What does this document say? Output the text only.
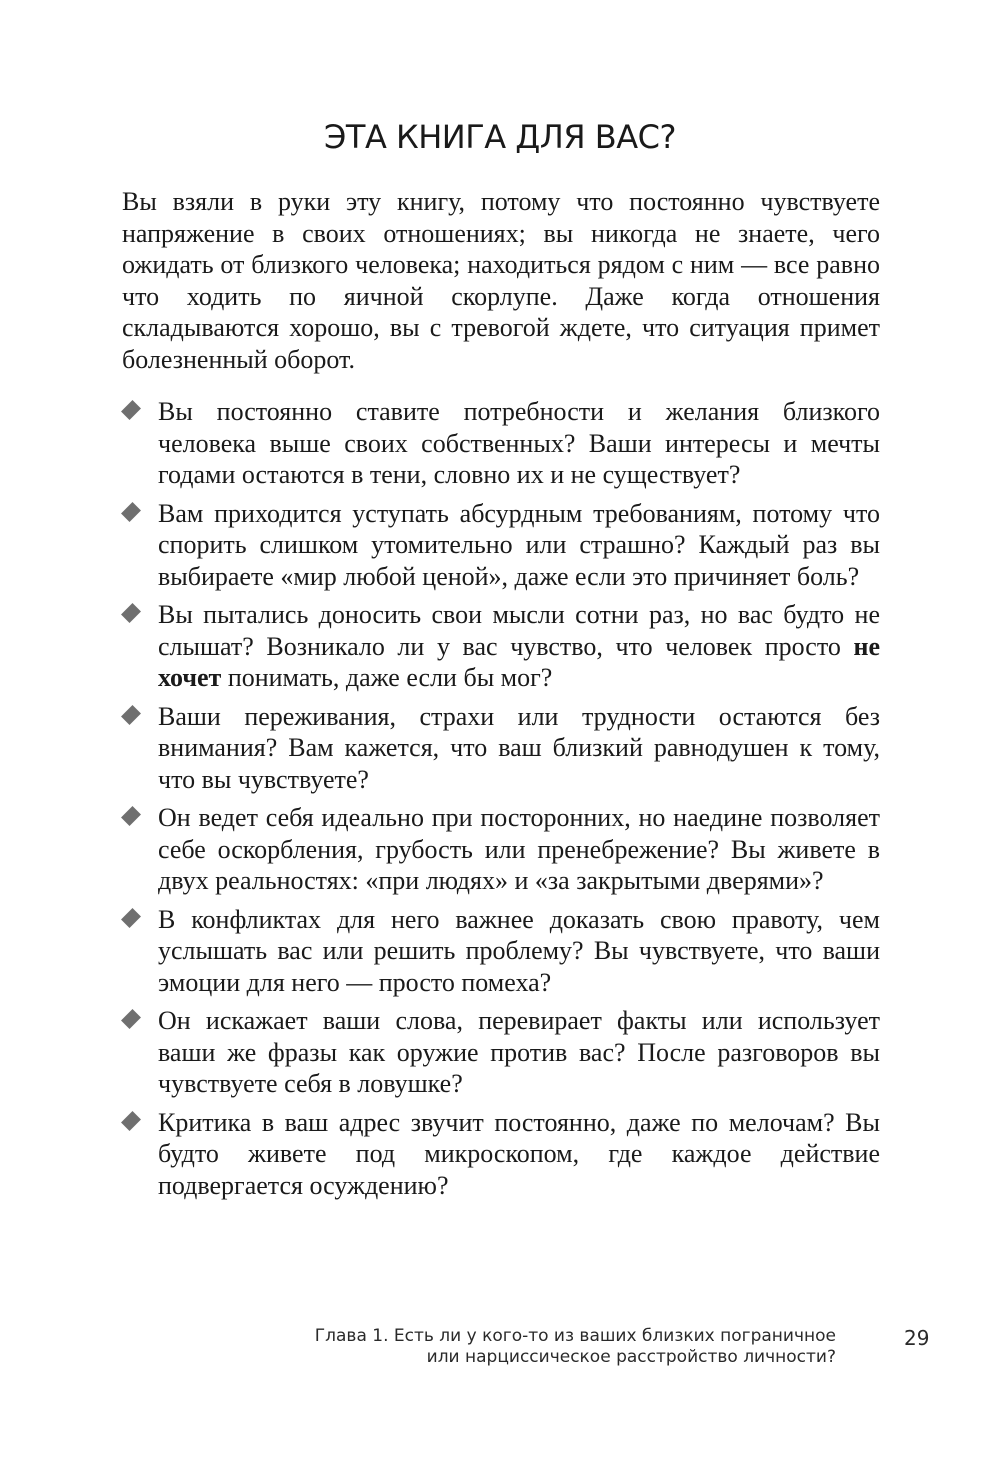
ЭТА КНИГА ДЛЯ ВАС?

Вы взяли в руки эту книгу, потому что постоянно чувствуете напряжение в своих отношениях; вы никогда не знаете, чего ожидать от близкого человека; находиться рядом с ним — все равно что ходить по яичной скорлупе. Даже когда отношения складываются хорошо, вы с тревогой ждете, что ситуация примет болезненный оборот.

Вы постоянно ставите потребности и желания близкого человека выше своих собственных? Ваши интересы и мечты годами остаются в тени, словно их и не существует?
Вам приходится уступать абсурдным требованиям, потому что спорить слишком утомительно или страшно? Каждый раз вы выбираете «мир любой ценой», даже если это причиняет боль?
Вы пытались доносить свои мысли сотни раз, но вас будто не слышат? Возникало ли у вас чувство, что человек просто не хочет понимать, даже если бы мог?
Ваши переживания, страхи или трудности остаются без внимания? Вам кажется, что ваш близкий равнодушен к тому, что вы чувствуете?
Он ведет себя идеально при посторонних, но наедине позволяет себе оскорбления, грубость или пренебрежение? Вы живете в двух реальностях: «при людях» и «за закрытыми дверями»?
В конфликтах для него важнее доказать свою правоту, чем услышать вас или решить проблему? Вы чувствуете, что ваши эмоции для него — просто помеха?
Он искажает ваши слова, перевирает факты или использует ваши же фразы как оружие против вас? После разговоров вы чувствуете себя в ловушке?
Критика в ваш адрес звучит постоянно, даже по мелочам? Вы будто живете под микроскопом, где каждое действие подвергается осуждению?
Глава 1. Есть ли у кого-то из ваших близких пограничное
или нарциссическое расстройство личности?
29
